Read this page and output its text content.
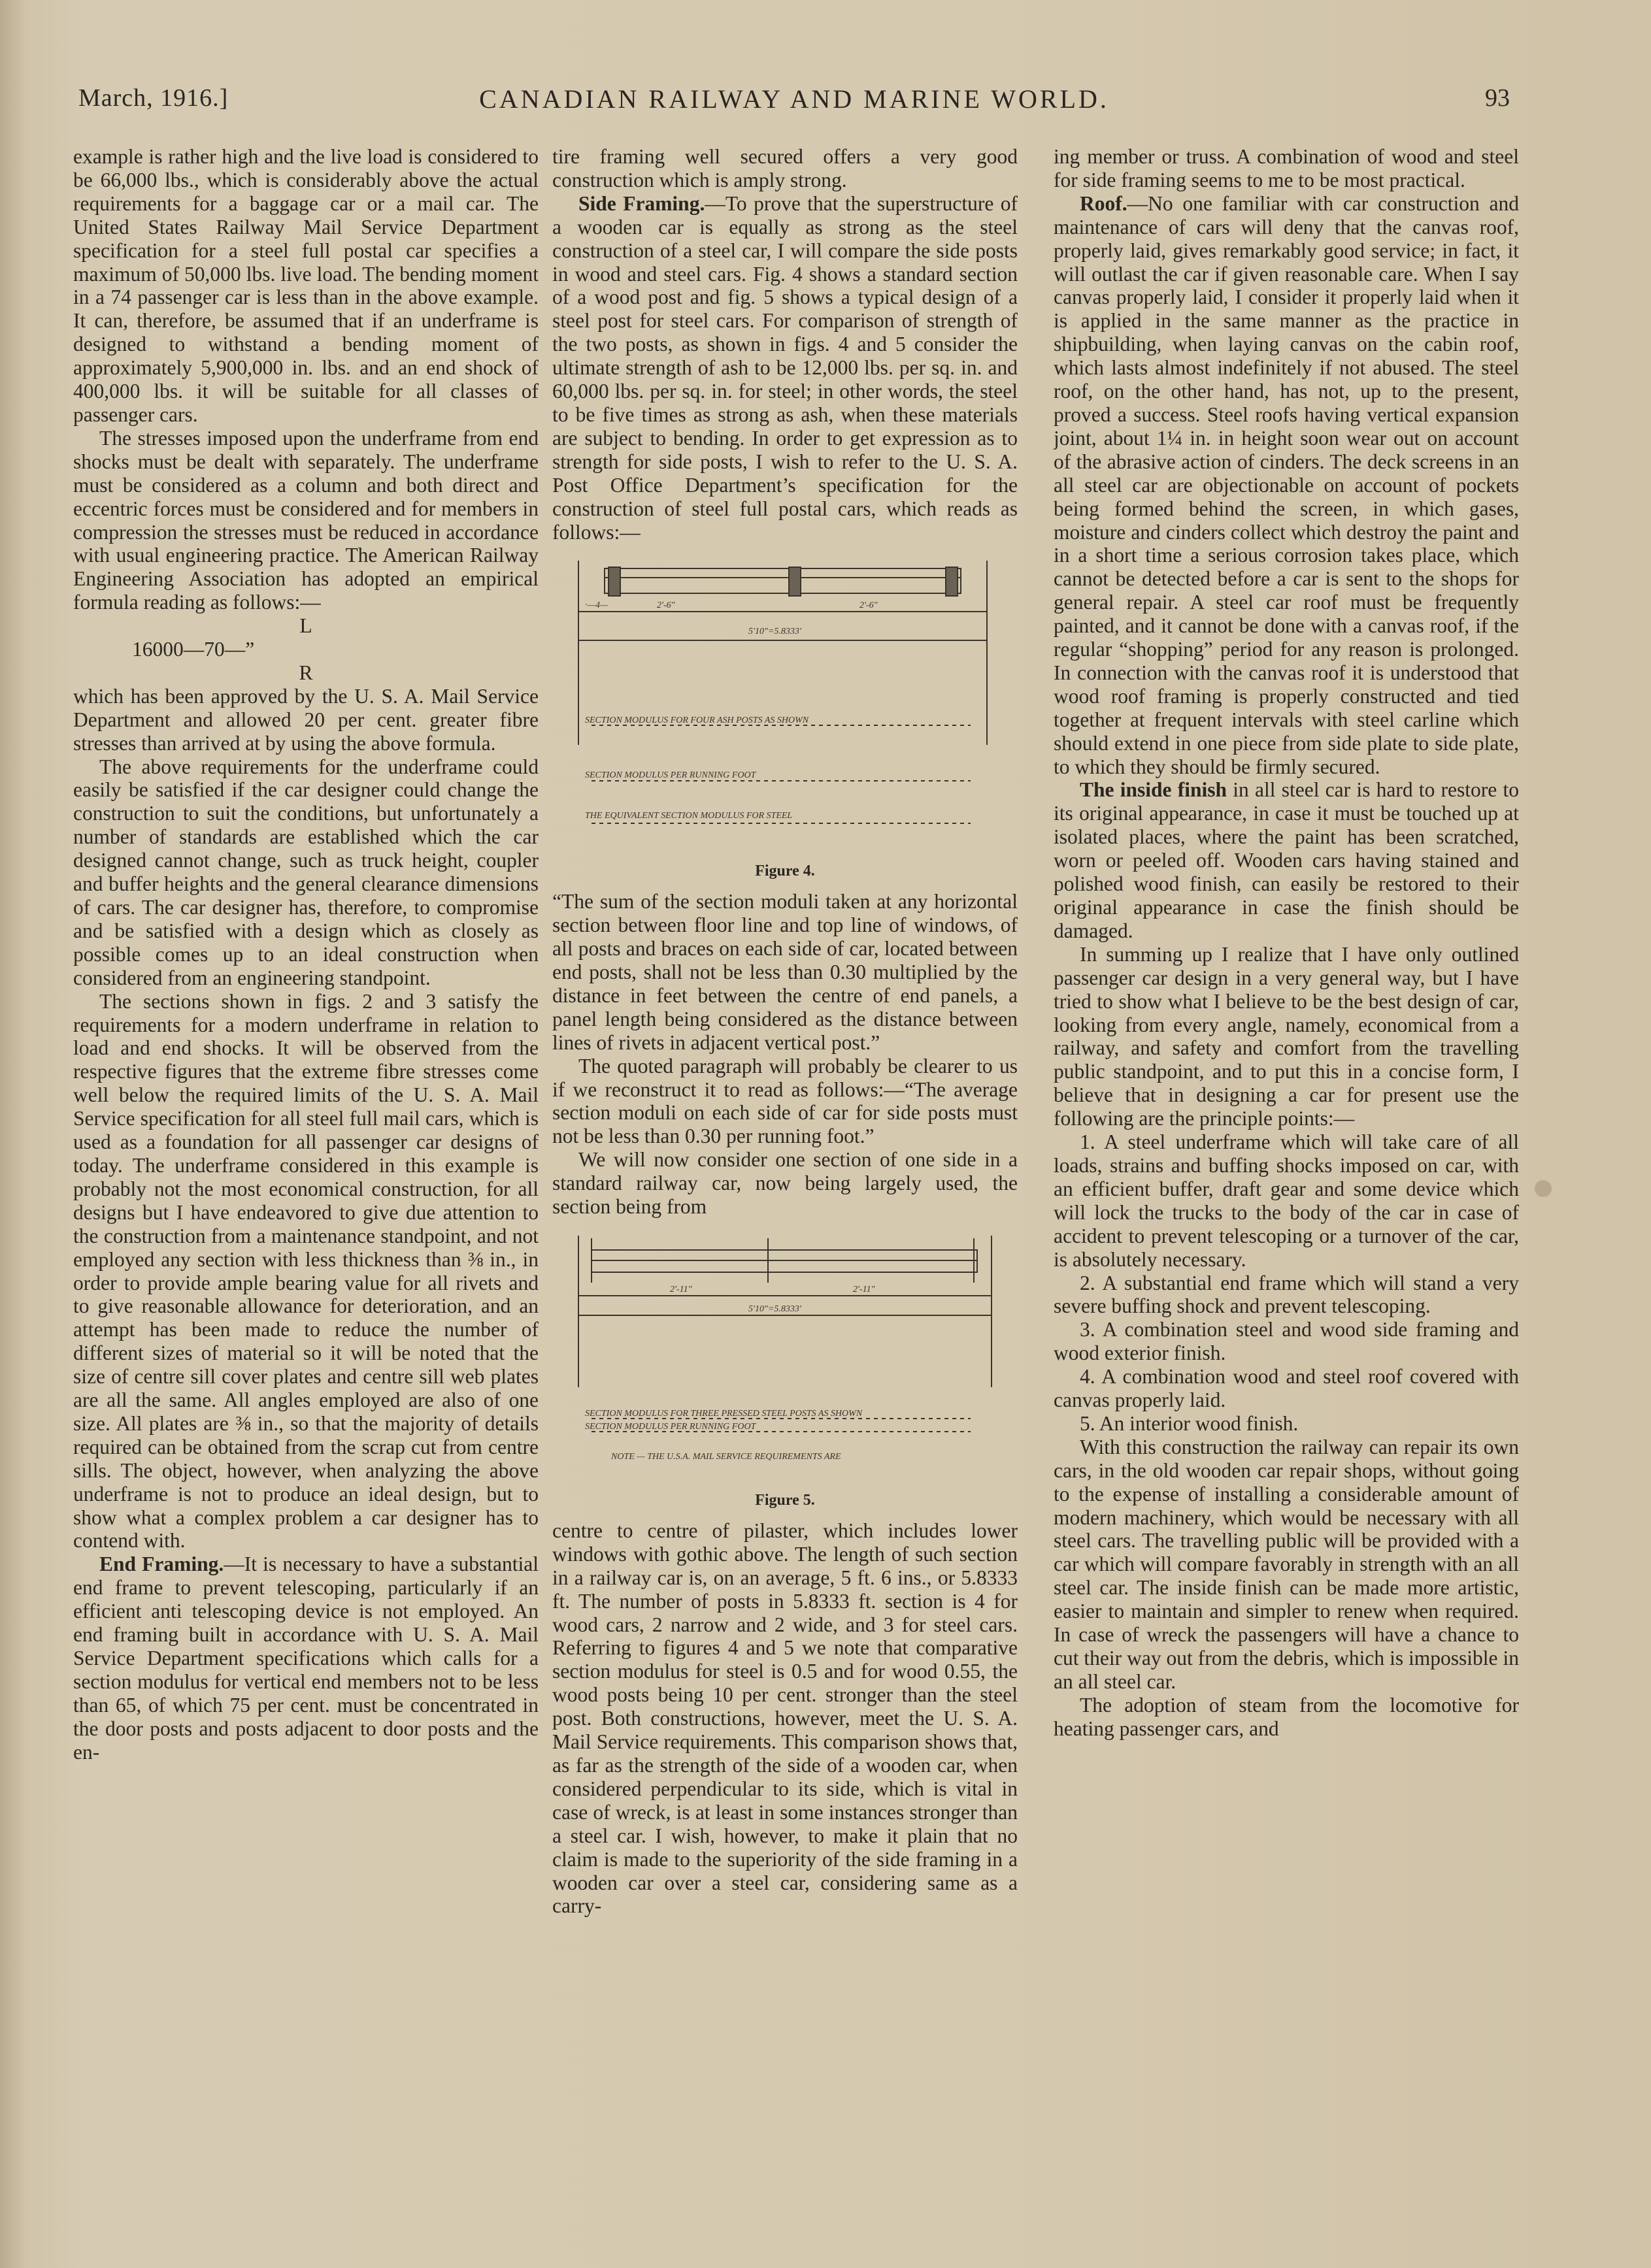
March, 1916.]	CANADIAN RAILWAY AND MARINE WORLD.	93

example is rather high and the live load is considered to be 66,000 lbs., which is considerably above the actual requirements for a baggage car or a mail car. The United States Railway Mail Service Department specification for a steel full postal car specifies a maximum of 50,000 lbs. live load. The bending moment in a 74 passenger car is less than in the above example. It can, therefore, be assumed that if an underframe is designed to withstand a bending moment of approximately 5,900,000 in. lbs. and an end shock of 400,000 lbs. it will be suitable for all classes of passenger cars.

The stresses imposed upon the underframe from end shocks must be dealt with separately. The underframe must be considered as a column and both direct and eccentric forces must be considered and for members in compression the stresses must be reduced in accordance with usual engineering practice. The American Railway Engineering Association has adopted an empirical formula reading as follows:—

L

16000—70—”

R

which has been approved by the U. S. A. Mail Service Department and allowed 20 per cent. greater fibre stresses than arrived at by using the above formula.

The above requirements for the underframe could easily be satisfied if the car designer could change the construction to suit the conditions, but unfortunately a number of standards are established which the car designed cannot change, such as truck height, coupler and buffer heights and the general clearance dimensions of cars. The car designer has, therefore, to compromise and be satisfied with a design which as closely as possible comes up to an ideal construction when considered from an engineering standpoint.

The sections shown in figs. 2 and 3 satisfy the requirements for a modern underframe in relation to load and end shocks. It will be observed from the respective figures that the extreme fibre stresses come well below the required limits of the U. S. A. Mail Service specification for all steel full mail cars, which is used as a foundation for all passenger car designs of today. The underframe considered in this example is probably not the most economical construction, for all designs but I have endeavored to give due attention to the construction from a maintenance standpoint, and not employed any section with less thickness than ⅜ in., in order to provide ample bearing value for all rivets and to give reasonable allowance for deterioration, and an attempt has been made to reduce the number of different sizes of material so it will be noted that the size of centre sill cover plates and centre sill web plates are all the same. All angles employed are also of one size. All plates are ⅜ in., so that the majority of details required can be obtained from the scrap cut from centre sills. The object, however, when analyzing the above underframe is not to produce an ideal design, but to show what a complex problem a car designer has to contend with.

End Framing.—It is necessary to have a substantial end frame to prevent telescoping, particularly if an efficient anti telescoping device is not employed. An end framing built in accordance with U. S. A. Mail Service Department specifications which calls for a section modulus for vertical end members not to be less than 65, of which 75 per cent. must be concentrated in the door posts and posts adjacent to door posts and the en-

tire framing well secured offers a very good construction which is amply strong.

Side Framing.—To prove that the superstructure of a wooden car is equally as strong as the steel construction of a steel car, I will compare the side posts in wood and steel cars. Fig. 4 shows a standard section of a wood post and fig. 5 shows a typical design of a steel post for steel cars. For comparison of strength of the two posts, as shown in figs. 4 and 5 consider the ultimate strength of ash to be 12,000 lbs. per sq. in. and 60,000 lbs. per sq. in. for steel; in other words, the steel to be five times as strong as ash, when these materials are subject to bending. In order to get expression as to strength for side posts, I wish to refer to the U. S. A. Post Office Department’s specification for the construction of steel full postal cars, which reads as follows:—

·—4—	2'-6"	2'-6"
5'10"=5.8333'
SECTION MODULUS FOR FOUR ASH POSTS AS SHOWN
SECTION MODULUS PER RUNNING FOOT
THE EQUIVALENT SECTION MODULUS FOR STEEL
Figure 4.

“The sum of the section moduli taken at any horizontal section between floor line and top line of windows, of all posts and braces on each side of car, located between end posts, shall not be less than 0.30 multiplied by the distance in feet between the centre of end panels, a panel length being considered as the distance between lines of rivets in adjacent vertical post.”

The quoted paragraph will probably be clearer to us if we reconstruct it to read as follows:—“The average section moduli on each side of car for side posts must not be less than 0.30 per running foot.”

We will now consider one section of one side in a standard railway car, now being largely used, the section being from

2'-11"	2'-11"
5'10"=5.8333'
SECTION MODULUS FOR THREE PRESSED STEEL POSTS AS SHOWN
SECTION MODULUS PER RUNNING FOOT
NOTE — THE U.S.A. MAIL SERVICE REQUIREMENTS ARE
Figure 5.

centre to centre of pilaster, which includes lower windows with gothic above. The length of such section in a railway car is, on an average, 5 ft. 6 ins., or 5.8333 ft. The number of posts in 5.8333 ft. section is 4 for wood cars, 2 narrow and 2 wide, and 3 for steel cars. Referring to figures 4 and 5 we note that comparative section modulus for steel is 0.5 and for wood 0.55, the wood posts being 10 per cent. stronger than the steel post. Both constructions, however, meet the U. S. A. Mail Service requirements. This comparison shows that, as far as the strength of the side of a wooden car, when considered perpendicular to its side, which is vital in case of wreck, is at least in some instances stronger than a steel car. I wish, however, to make it plain that no claim is made to the superiority of the side framing in a wooden car over a steel car, considering same as a carry-

ing member or truss. A combination of wood and steel for side framing seems to me to be most practical.

Roof.—No one familiar with car construction and maintenance of cars will deny that the canvas roof, properly laid, gives remarkably good service; in fact, it will outlast the car if given reasonable care. When I say canvas properly laid, I consider it properly laid when it is applied in the same manner as the practice in shipbuilding, when laying canvas on the cabin roof, which lasts almost indefinitely if not abused. The steel roof, on the other hand, has not, up to the present, proved a success. Steel roofs having vertical expansion joint, about 1¼ in. in height soon wear out on account of the abrasive action of cinders. The deck screens in an all steel car are objectionable on account of pockets being formed behind the screen, in which gases, moisture and cinders collect which destroy the paint and in a short time a serious corrosion takes place, which cannot be detected before a car is sent to the shops for general repair. A steel car roof must be frequently painted, and it cannot be done with a canvas roof, if the regular “shopping” period for any reason is prolonged. In connection with the canvas roof it is understood that wood roof framing is properly constructed and tied together at frequent intervals with steel carline which should extend in one piece from side plate to side plate, to which they should be firmly secured.

The inside finish in all steel car is hard to restore to its original appearance, in case it must be touched up at isolated places, where the paint has been scratched, worn or peeled off. Wooden cars having stained and polished wood finish, can easily be restored to their original appearance in case the finish should be damaged.

In summing up I realize that I have only outlined passenger car design in a very general way, but I have tried to show what I believe to be the best design of car, looking from every angle, namely, economical from a railway, and safety and comfort from the travelling public standpoint, and to put this in a concise form, I believe that in designing a car for present use the following are the principle points:—

1. A steel underframe which will take care of all loads, strains and buffing shocks imposed on car, with an efficient buffer, draft gear and some device which will lock the trucks to the body of the car in case of accident to prevent telescoping or a turnover of the car, is absolutely necessary.
2. A substantial end frame which will stand a very severe buffing shock and prevent telescoping.
3. A combination steel and wood side framing and wood exterior finish.
4. A combination wood and steel roof covered with canvas properly laid.
5. An interior wood finish.

With this construction the railway can repair its own cars, in the old wooden car repair shops, without going to the expense of installing a considerable amount of modern machinery, which would be necessary with all steel cars. The travelling public will be provided with a car which will compare favorably in strength with an all steel car. The inside finish can be made more artistic, easier to maintain and simpler to renew when required. In case of wreck the passengers will have a chance to cut their way out from the debris, which is impossible in an all steel car.

The adoption of steam from the locomotive for heating passenger cars, and
